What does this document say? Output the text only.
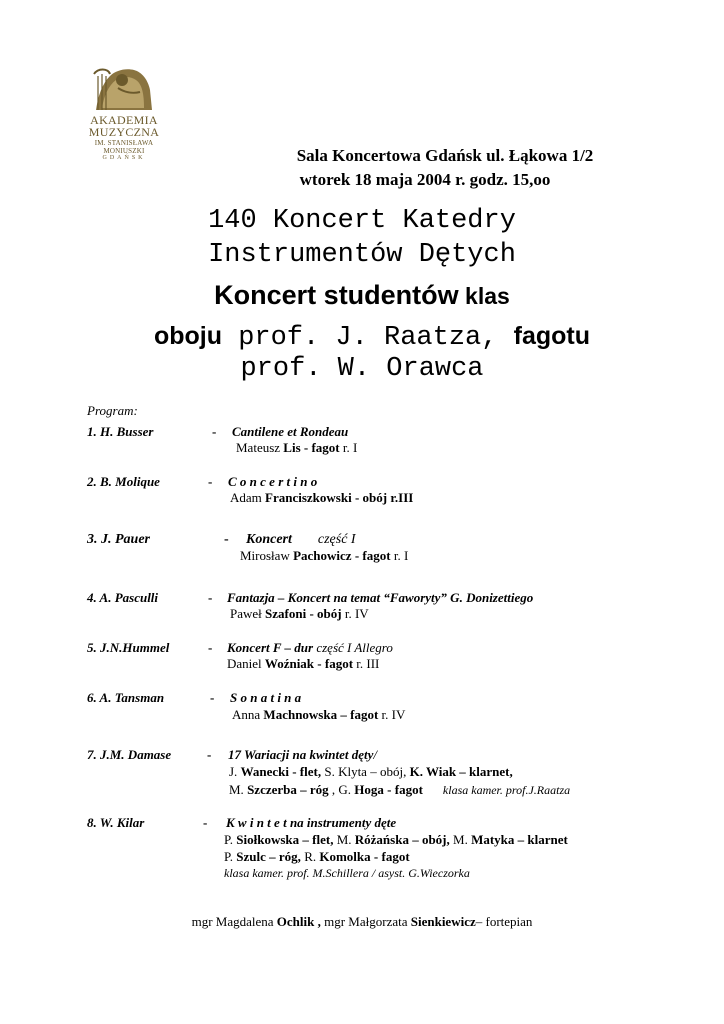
AKADEMIA
MUZYCZNA
IM. STANISŁAWA
MONIUSZKI
GDAŃSK	Sala Koncertowa Gdańsk ul. Łąkowa 1/2
wtorek 18 maja 2004 r. godz. 15,oo
140 Koncert Katedry
Instrumentów Dętych
Koncert studentów klas
oboju prof. J. Raatza, fagotu
prof. W. Orawca
Program:
1. H. Busser	- Cantilene et Rondeau
Mateusz Lis - fagot r. I
2. B. Molique	- C o n c e r t i n o
Adam Franciszkowski - obój r.III
3. J. Pauer	- Koncert część I
Mirosław Pachowicz - fagot r. I
4. A. Pasculli	- Fantazja – Koncert na temat “Faworyty” G. Donizettiego
Paweł Szafoni - obój r. IV
5. J.N.Hummel	- Koncert F – dur część I Allegro
Daniel Woźniak - fagot r. III
6. A. Tansman	- S o n a t i n a
Anna Machnowska – fagot r. IV
7. J.M. Damase	- 17 Wariacji na kwintet dęty/
J. Wanecki - flet, S. Klyta – obój, K. Wiak – klarnet,
M. Szczerba – róg , G. Hoga - fagot klasa kamer. prof.J.Raatza
8. W. Kilar	- K w i n t e t na instrumenty dęte
P. Siołkowska – flet, M. Różańska – obój, M. Matyka – klarnet
P. Szulc – róg, R. Komolka - fagot
klasa kamer. prof. M.Schillera / asyst. G.Wieczorka
mgr Magdalena Ochlik , mgr Małgorzata Sienkiewicz– fortepian
